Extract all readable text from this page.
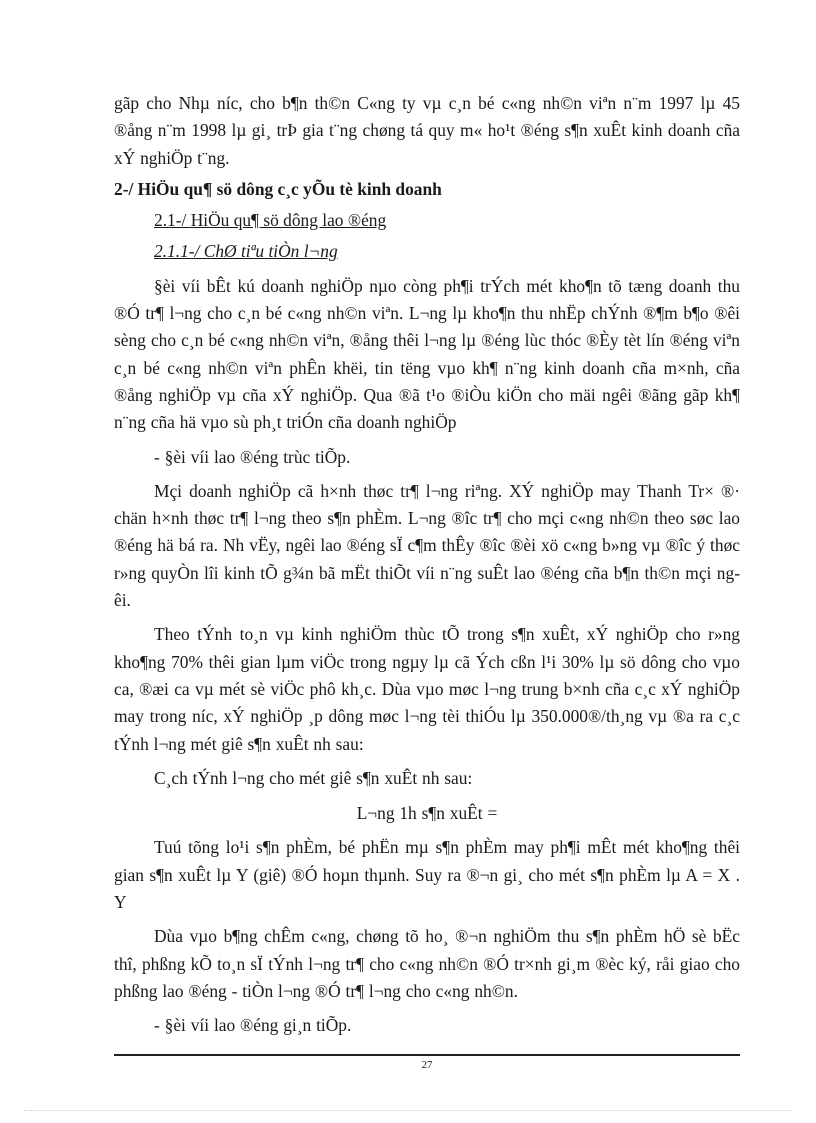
gãp cho Nhµ níc, cho b¶n th©n C«ng ty vµ c¸n bé c«ng nh©n viªn n¨m 1997 lµ 45 ®ång n¨m 1998 lµ gi¸ trÞ gia t¨ng chøng tá quy m« ho¹t ®éng s¶n xuÊt kinh doanh cña xÝ nghiÖp t¨ng.

2-/ HiÖu qu¶ sö dông c¸c yÕu tè kinh doanh

2.1-/ HiÖu qu¶ sö dông lao ®éng

2.1.1-/ ChØ tiªu tiÒn l¬ng

§èi víi bÊt kú doanh nghiÖp nµo còng ph¶i trÝch mét kho¶n tõ tæng doanh thu ®Ó tr¶ l¬ng cho c¸n bé c«ng nh©n viªn. L¬ng lµ kho¶n thu nhËp chÝnh ®¶m b¶o ®êi sèng cho c¸n bé c«ng nh©n viªn, ®ång thêi l¬ng lµ ®éng lùc thóc ®Èy tèt lín ®éng viªn c¸n bé c«ng nh©n viªn phÊn khëi, tin tëng vµo kh¶ n¨ng kinh doanh cña m×nh, cña ®ång nghiÖp vµ cña xÝ nghiÖp. Qua ®ã t¹o ®iÒu kiÖn cho mäi ngêi ®ãng gãp kh¶ n¨ng cña hä vµo sù ph¸t triÓn cña doanh nghiÖp

- §èi víi lao ®éng trùc tiÕp.

Mçi doanh nghiÖp cã h×nh thøc tr¶ l¬ng riªng. XÝ nghiÖp may Thanh Tr× ®· chän h×nh thøc tr¶ l¬ng theo s¶n phÈm. L¬ng ®îc tr¶ cho mçi c«ng nh©n theo søc lao ®éng hä bá ra. Nh vËy, ngêi lao ®éng sÏ c¶m thÊy ®îc ®èi xö c«ng b»ng vµ ®îc ý thøc r»ng quyÒn lîi kinh tÕ g¾n bã mËt thiÕt víi n¨ng suÊt lao ®éng cña b¶n th©n mçi ngêi.

Theo tÝnh to¸n vµ kinh nghiÖm thùc tÕ trong s¶n xuÊt, xÝ nghiÖp cho r»ng kho¶ng 70% thêi gian lµm viÖc trong ngµy lµ cã Ých cßn l¹i 30% lµ sö dông cho vµo ca, ®æi ca vµ mét sè viÖc phô kh¸c. Dùa vµo møc l¬ng trung b×nh cña c¸c xÝ nghiÖp may trong níc, xÝ nghiÖp ¸p dông møc l¬ng tèi thiÓu lµ 350.000®/th¸ng vµ ®a ra c¸c tÝnh l¬ng mét giê s¶n xuÊt nh sau:

C¸ch tÝnh l¬ng cho mét giê s¶n xuÊt nh sau:

L¬ng 1h s¶n xuÊt =

Tuú tõng lo¹i s¶n phÈm, bé phËn mµ s¶n phÈm may ph¶i mÊt mét kho¶ng thêi gian s¶n xuÊt lµ Y (giê) ®Ó hoµn thµnh. Suy ra ®¬n gi¸ cho mét s¶n phÈm lµ A = X . Y

Dùa vµo b¶ng chÊm c«ng, chøng tõ ho¸ ®¬n nghiÖm thu s¶n phÈm hÖ sè bËc thî, phßng kÕ to¸n sÏ tÝnh l¬ng tr¶ cho c«ng nh©n ®Ó tr×nh gi¸m ®èc ký, råi giao cho phßng lao ®éng - tiÒn l¬ng ®Ó tr¶ l¬ng cho c«ng nh©n.

- §èi víi lao ®éng gi¸n tiÕp.

27
